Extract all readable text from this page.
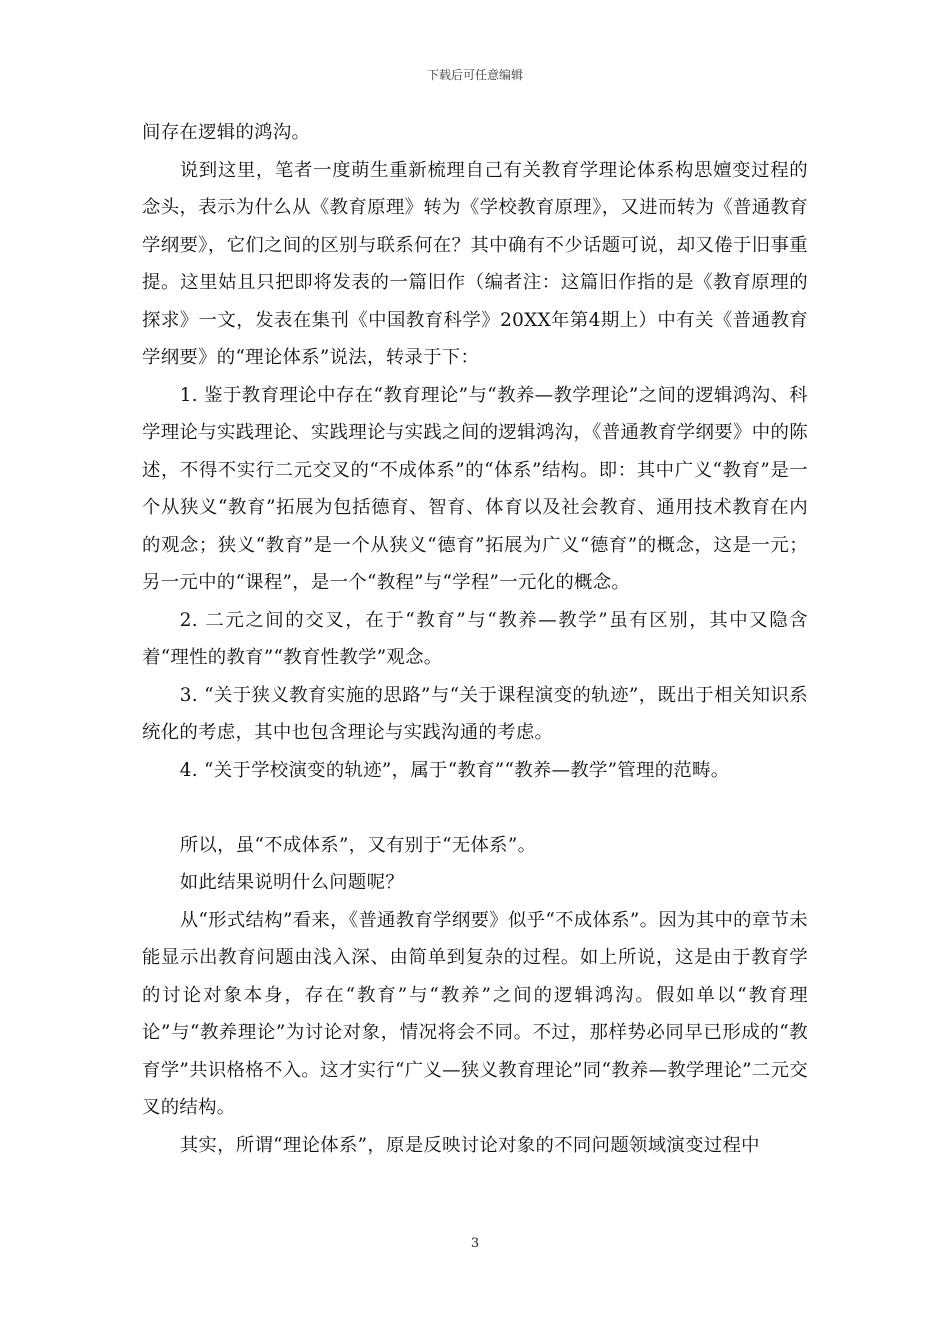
下载后可任意编辑

间存在逻辑的鸿沟。

说到这里，笔者一度萌生重新梳理自己有关教育学理论体系构思嬗变过程的念头，表示为什么从《教育原理》转为《学校教育原理》，又进而转为《普通教育学纲要》，它们之间的区别与联系何在？其中确有不少话题可说，却又倦于旧事重提。这里姑且只把即将发表的一篇旧作（编者注：这篇旧作指的是《教育原理的探求》一文，发表在集刊《中国教育科学》20XX年第4期上）中有关《普通教育学纲要》的“理论体系”说法，转录于下：

1. 鉴于教育理论中存在“教育理论”与“教养—教学理论”之间的逻辑鸿沟、科学理论与实践理论、实践理论与实践之间的逻辑鸿沟，《普通教育学纲要》中的陈述，不得不实行二元交叉的“不成体系”的“体系”结构。即：其中广义“教育”是一个从狭义“教育”拓展为包括德育、智育、体育以及社会教育、通用技术教育在内的观念；狭义“教育”是一个从狭义“德育”拓展为广义“德育”的概念，这是一元；另一元中的“课程”，是一个“教程”与“学程”一元化的概念。

2. 二元之间的交叉，在于“教育”与“教养—教学”虽有区别，其中又隐含着“理性的教育”“教育性教学”观念。

3. “关于狭义教育实施的思路”与“关于课程演变的轨迹”，既出于相关知识系统化的考虑，其中也包含理论与实践沟通的考虑。

4. “关于学校演变的轨迹”，属于“教育”“教养—教学”管理的范畴。

所以，虽“不成体系”，又有别于“无体系”。

如此结果说明什么问题呢？

从“形式结构”看来，《普通教育学纲要》似乎“不成体系”。因为其中的章节未能显示出教育问题由浅入深、由简单到复杂的过程。如上所说，这是由于教育学的讨论对象本身，存在“教育”与“教养”之间的逻辑鸿沟。假如单以“教育理论”与“教养理论”为讨论对象，情况将会不同。不过，那样势必同早已形成的“教育学”共识格格不入。这才实行“广义—狭义教育理论”同“教养—教学理论”二元交叉的结构。

其实，所谓“理论体系”，原是反映讨论对象的不同问题领域演变过程中

3
